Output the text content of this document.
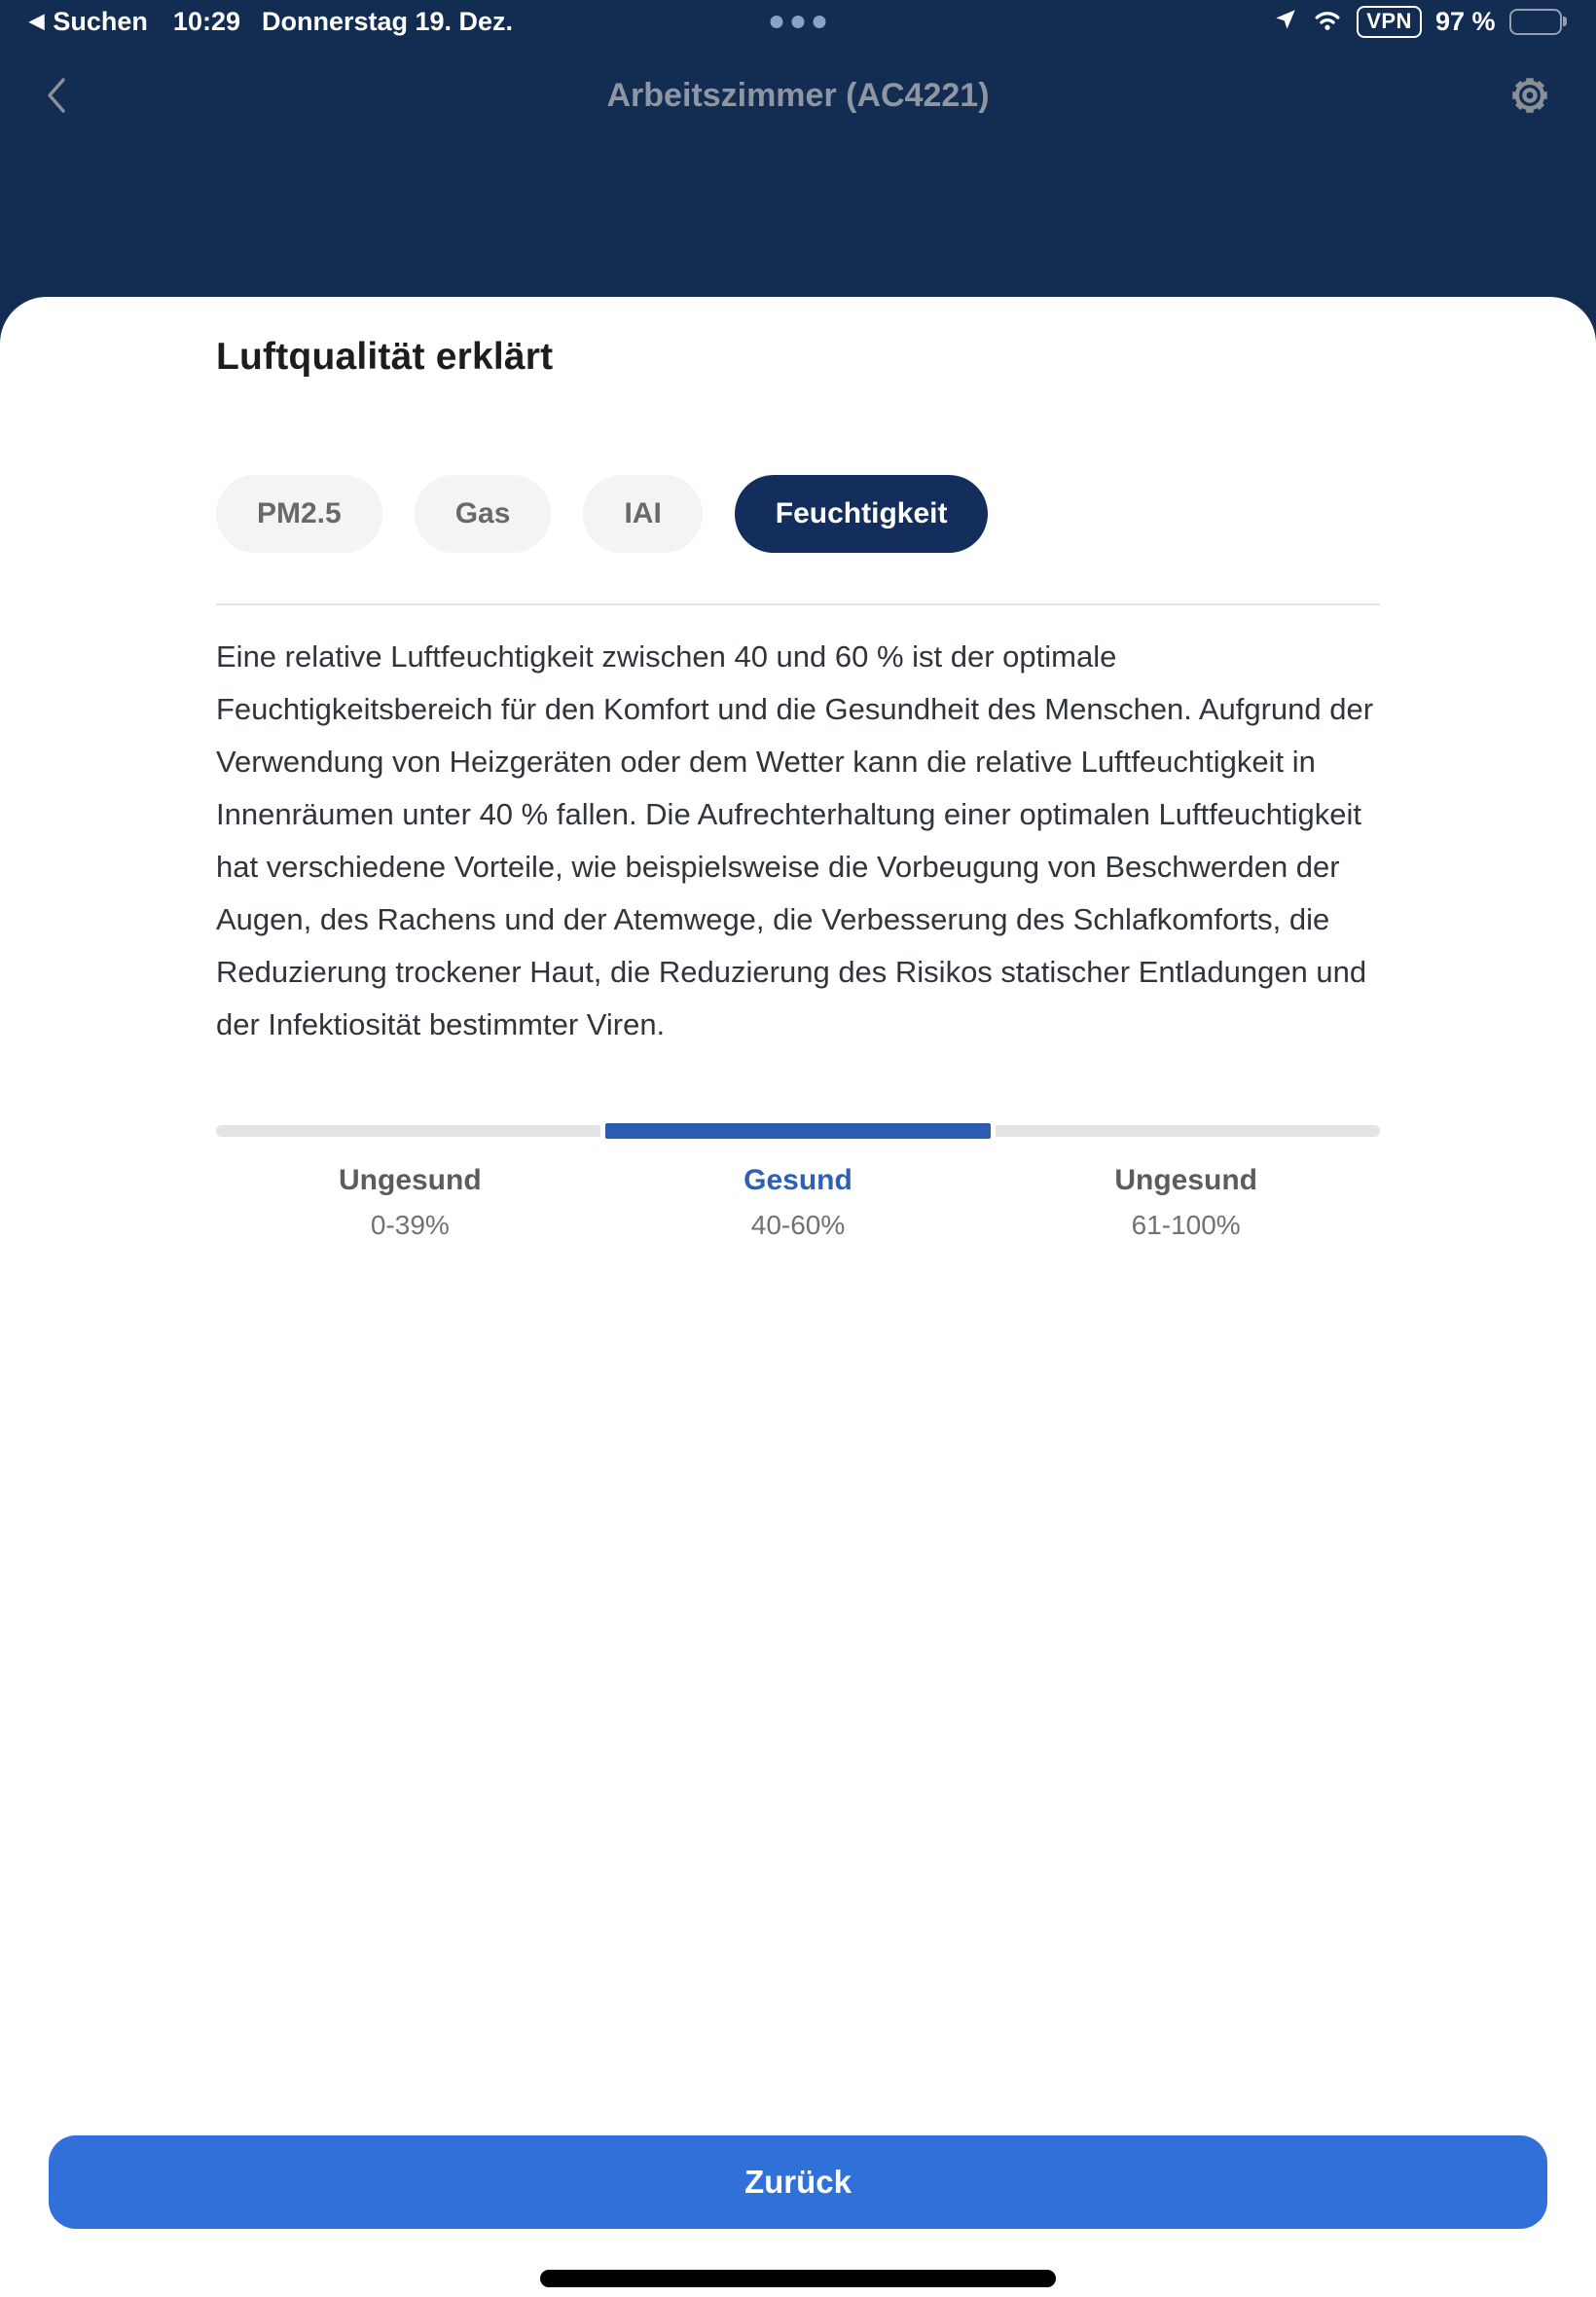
◀ Suchen 10:29 Donnerstag 19. Dez.	VPN 97 %
Arbeitszimmer (AC4221)
Luftqualität erklärt
PM2.5	Gas	IAI	Feuchtigkeit

Eine relative Luftfeuchtigkeit zwischen 40 und 60 % ist der optimale Feuchtigkeitsbereich für den Komfort und die Gesundheit des Menschen. Aufgrund der Verwendung von Heizgeräten oder dem Wetter kann die relative Luftfeuchtigkeit in Innenräumen unter 40 % fallen. Die Aufrechterhaltung einer optimalen Luftfeuchtigkeit hat verschiedene Vorteile, wie beispielsweise die Vorbeugung von Beschwerden der Augen, des Rachens und der Atemwege, die Verbesserung des Schlafkomforts, die Reduzierung trockener Haut, die Reduzierung des Risikos statischer Entladungen und der Infektiosität bestimmter Viren.

Ungesund
0-39%
Gesund
40-60%
Ungesund
61-100%
Zurück
